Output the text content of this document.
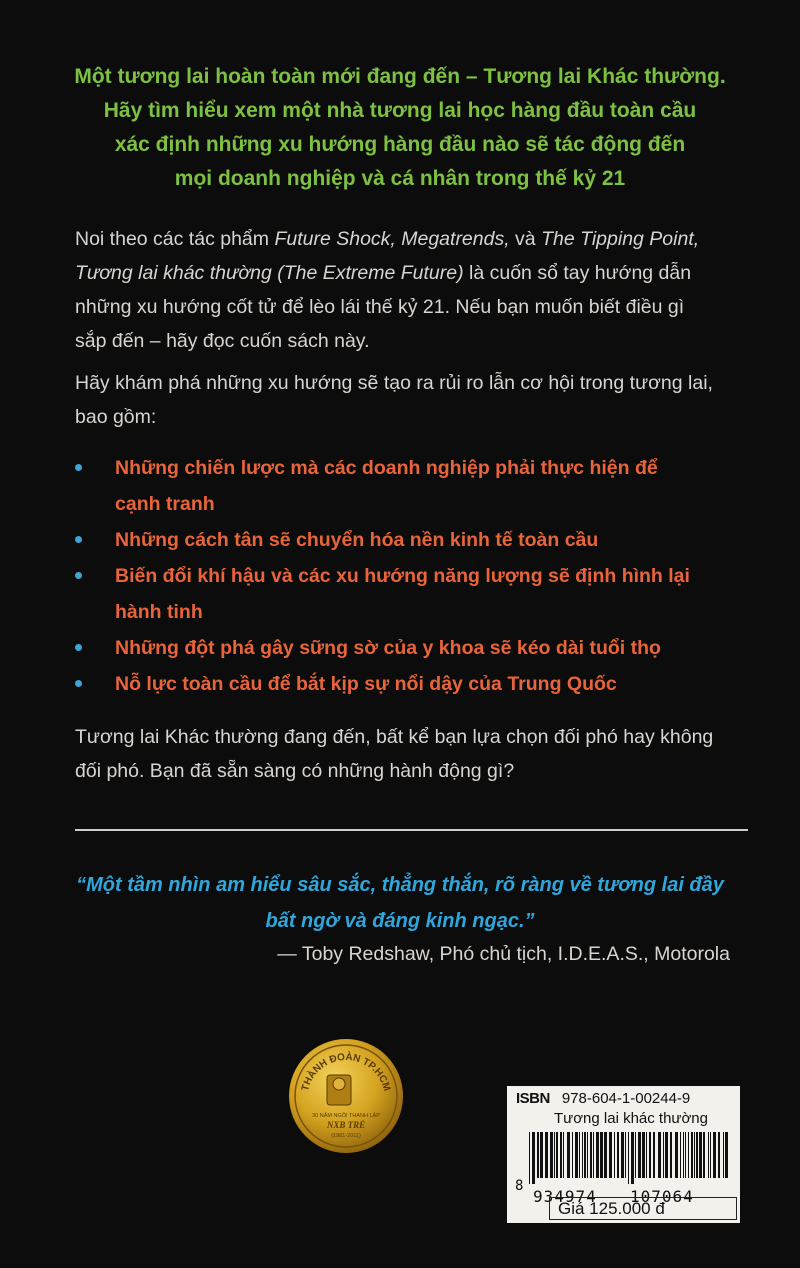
Một tương lai hoàn toàn mới đang đến – Tương lai Khác thường.
Hãy tìm hiểu xem một nhà tương lai học hàng đầu toàn cầu
xác định những xu hướng hàng đầu nào sẽ tác động đến
mọi doanh nghiệp và cá nhân trong thế kỷ 21
Noi theo các tác phẩm Future Shock, Megatrends, và The Tipping Point,
Tương lai khác thường (The Extreme Future) là cuốn sổ tay hướng dẫn
những xu hướng cốt tử để lèo lái thế kỷ 21. Nếu bạn muốn biết điều gì
sắp đến – hãy đọc cuốn sách này.
Hãy khám phá những xu hướng sẽ tạo ra rủi ro lẫn cơ hội trong tương lai,
bao gồm:
Những chiến lược mà các doanh nghiệp phải thực hiện để
cạnh tranh
Những cách tân sẽ chuyển hóa nền kinh tế toàn cầu
Biến đổi khí hậu và các xu hướng năng lượng sẽ định hình lại
hành tinh
Những đột phá gây sững sờ của y khoa sẽ kéo dài tuổi thọ
Nỗ lực toàn cầu để bắt kịp sự nổi dậy của Trung Quốc
Tương lai Khác thường đang đến, bất kể bạn lựa chọn đối phó hay không
đối phó. Bạn đã sẵn sàng có những hành động gì?
“Một tầm nhìn am hiểu sâu sắc, thẳng thắn, rõ ràng về tương lai đầy
bất ngờ và đáng kinh ngạc.”
— Toby Redshaw, Phó chủ tịch, I.D.E.A.S., Motorola
THÀNH ĐOÀN TP.HCM
30 NĂM NGÔI THANH LẬP
NXB TRẺ
(1981-2011)
ISBN 978-604-1-00244-9
Tương lai khác thường
8
934974 107064
Giá 125.000 đ
